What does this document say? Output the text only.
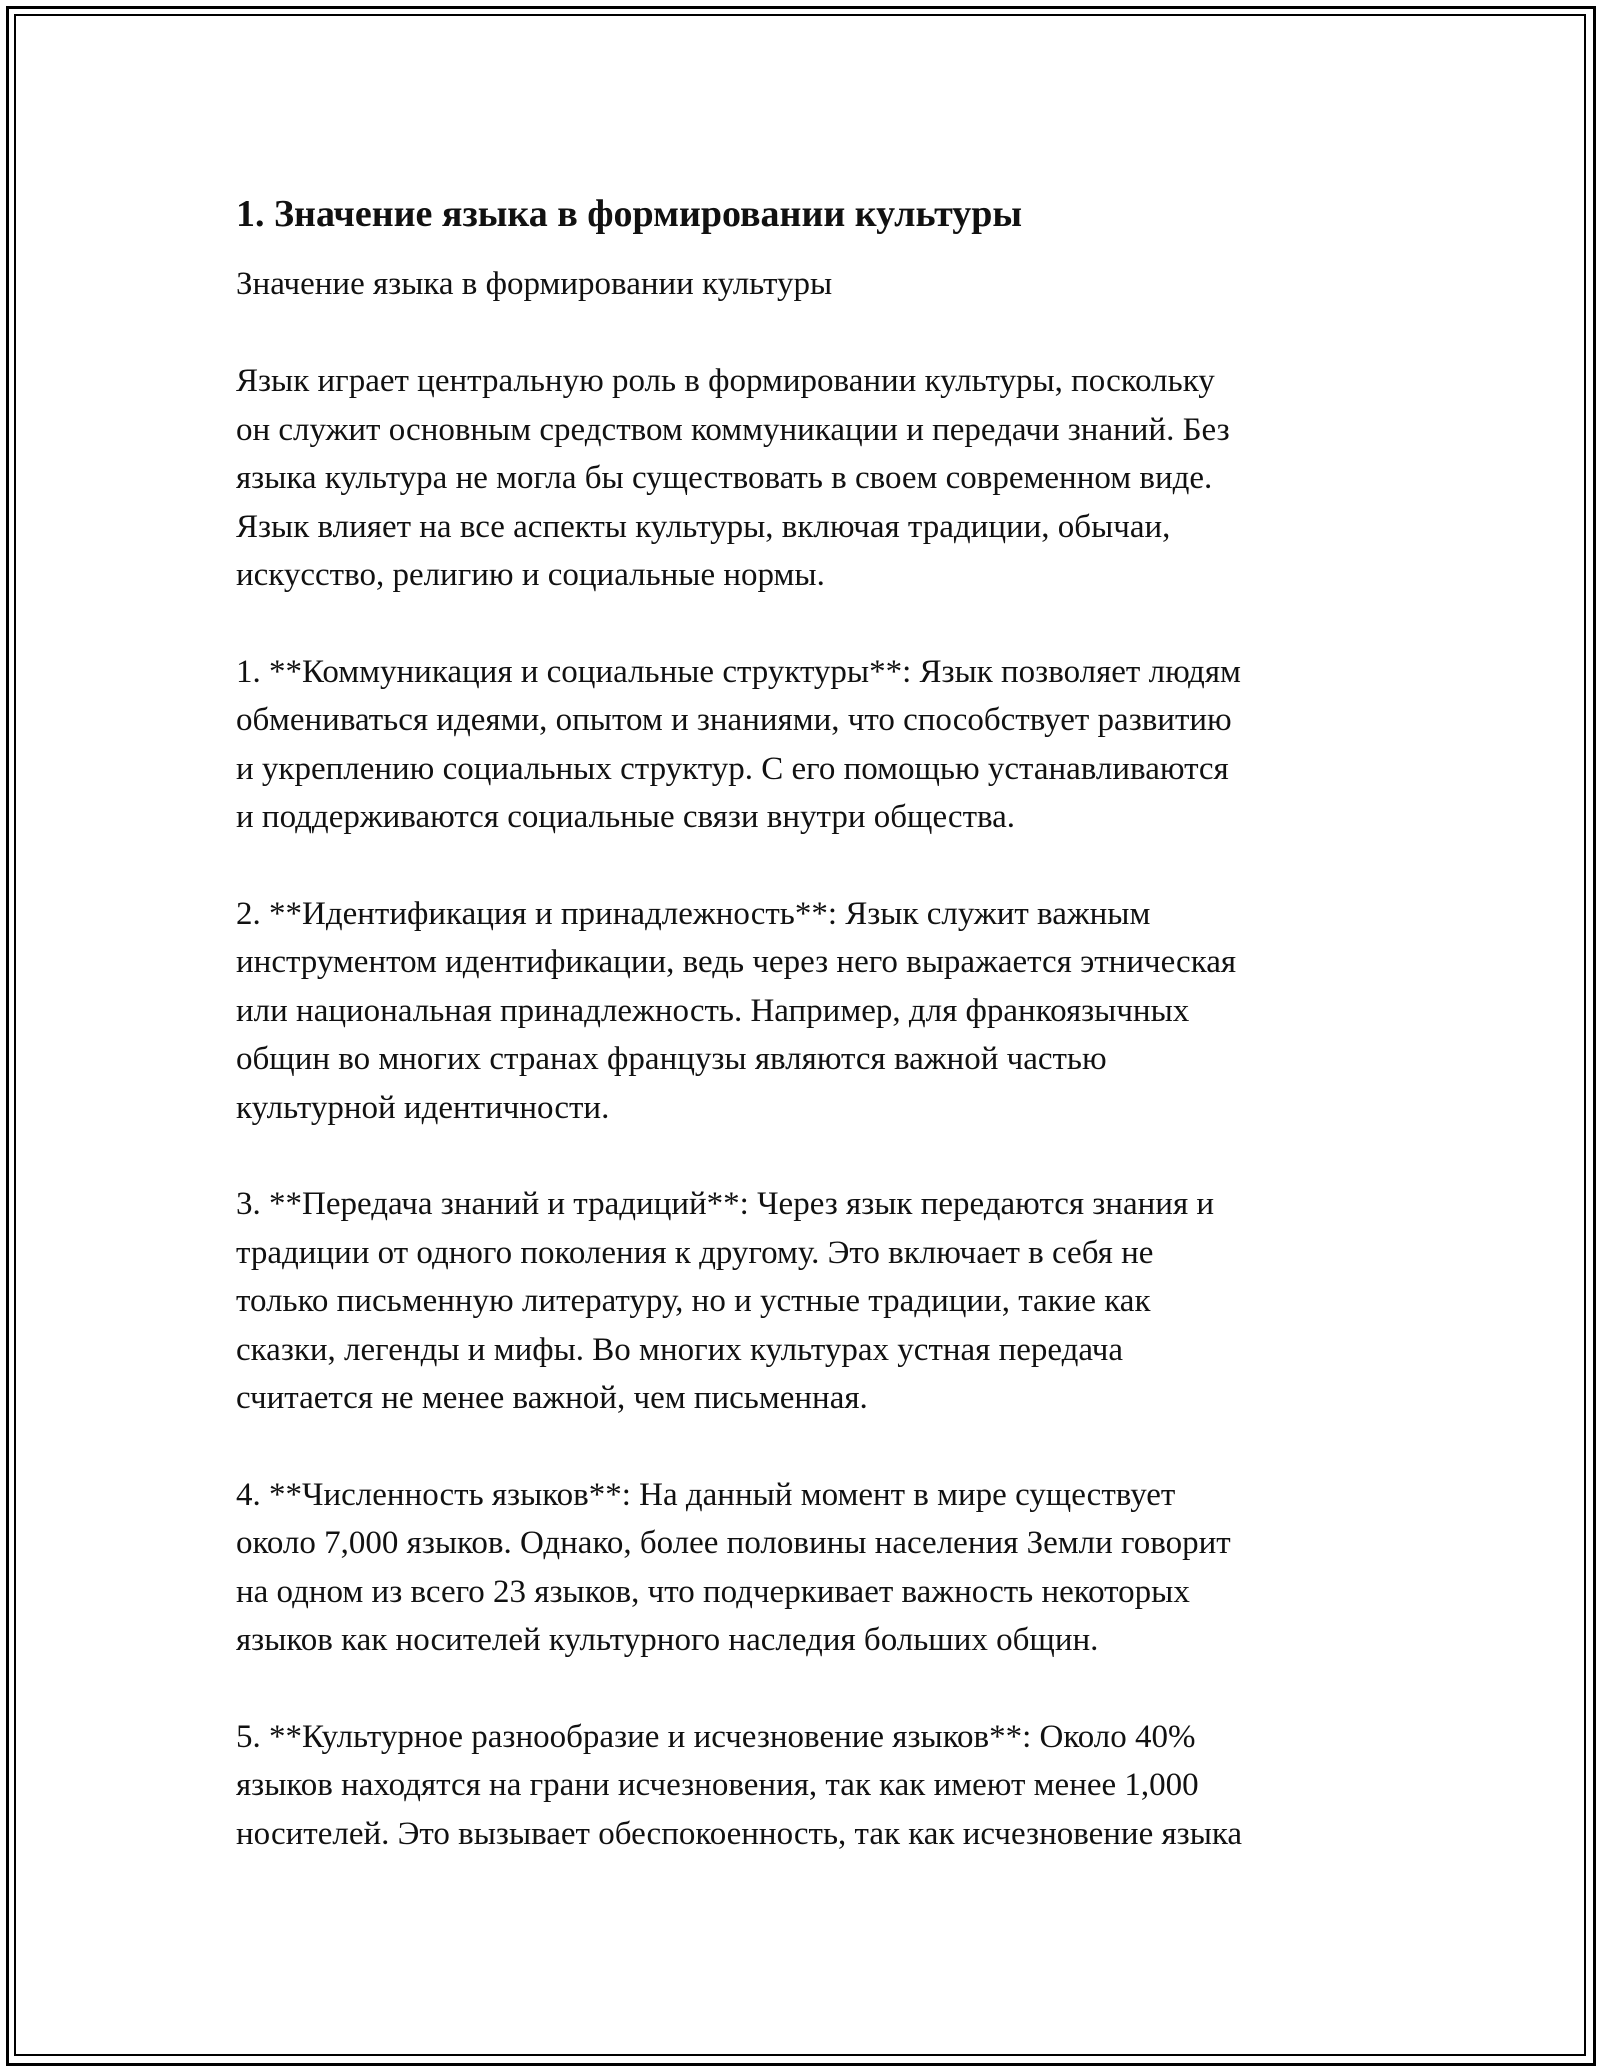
1. Значение языка в формировании культуры

Значение языка в формировании культуры

Язык играет центральную роль в формировании культуры, поскольку
он служит основным средством коммуникации и передачи знаний. Без
языка культура не могла бы существовать в своем современном виде.
Язык влияет на все аспекты культуры, включая традиции, обычаи,
искусство, религию и социальные нормы.

1. **Коммуникация и социальные структуры**: Язык позволяет людям
обмениваться идеями, опытом и знаниями, что способствует развитию
и укреплению социальных структур. С его помощью устанавливаются
и поддерживаются социальные связи внутри общества.

2. **Идентификация и принадлежность**: Язык служит важным
инструментом идентификации, ведь через него выражается этническая
или национальная принадлежность. Например, для франкоязычных
общин во многих странах французы являются важной частью
культурной идентичности.

3. **Передача знаний и традиций**: Через язык передаются знания и
традиции от одного поколения к другому. Это включает в себя не
только письменную литературу, но и устные традиции, такие как
сказки, легенды и мифы. Во многих культурах устная передача
считается не менее важной, чем письменная.

4. **Численность языков**: На данный момент в мире существует
около 7,000 языков. Однако, более половины населения Земли говорит
на одном из всего 23 языков, что подчеркивает важность некоторых
языков как носителей культурного наследия больших общин.

5. **Культурное разнообразие и исчезновение языков**: Около 40%
языков находятся на грани исчезновения, так как имеют менее 1,000
носителей. Это вызывает обеспокоенность, так как исчезновение языка
